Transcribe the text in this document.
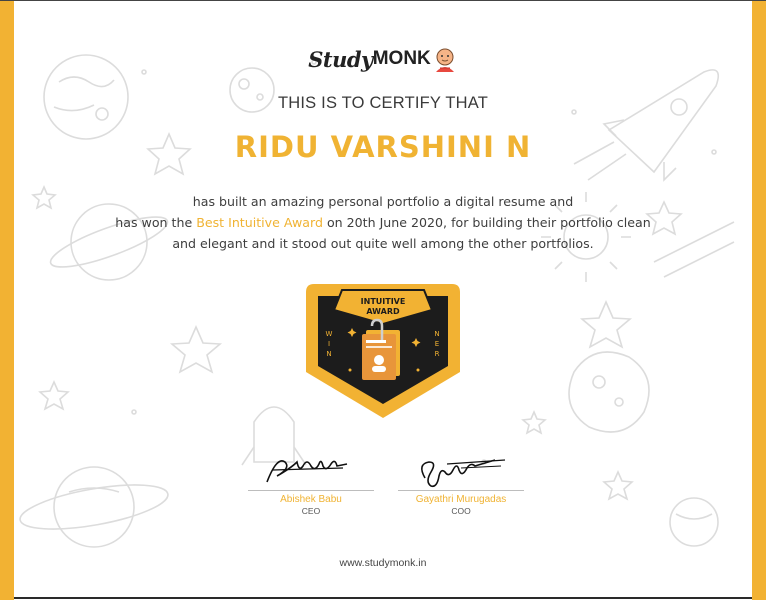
Study MONK
THIS IS TO CERTIFY THAT
RIDU VARSHINI N
has built an amazing personal portfolio a digital resume and
has won the Best Intuitive Award on 20th June 2020, for building their portfolio clean
and elegant and it stood out quite well among the other portfolios.
INTUITIVE
AWARD
W
I
N
N
E
R
Abishek Babu
CEO
Gayathri Murugadas
COO
www.studymonk.in
